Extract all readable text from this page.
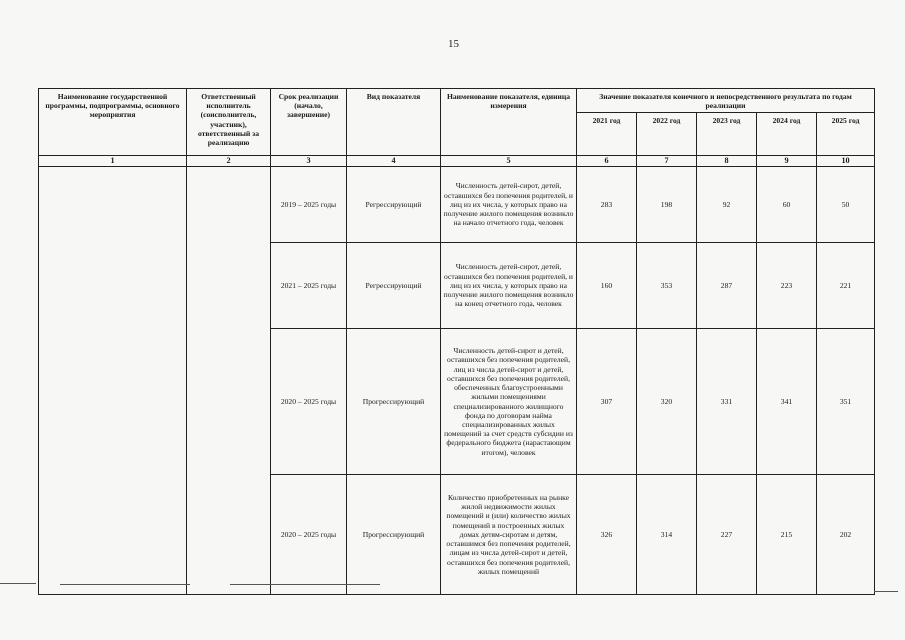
15
Наименование государственной программы, подпрограммы, основного мероприятия	Ответственный исполнитель (соисполнитель, участник), ответственный за реализацию	Срок реализации (начало, завершение)	Вид показателя	Наименование показателя, единица измерения	Значение показателя конечного и непосредственного результата по годам реализации				
					2021 год	2022 год	2023 год	2024 год	2025 год
1	2	3	4	5	6	7	8	9	10
		2019 – 2025 годы	Регрессирующий	Численность детей-сирот, детей, оставшихся без попечения родителей, и лиц из их числа, у которых право на получение жилого помещения возникло на начало отчетного года, человек	283	198	92	60	50
		2021 – 2025 годы	Регрессирующий	Численность детей-сирот, детей, оставшихся без попечения родителей, и лиц из их числа, у которых право на получение жилого помещения возникло на конец отчетного года, человек	160	353	287	223	221
		2020 – 2025 годы	Прогрессирующий	Численность детей-сирот и детей, оставшихся без попечения родителей, лиц из числа детей-сирот и детей, оставшихся без попечения родителей, обеспеченных благоустроенными жилыми помещениями специализированного жилищного фонда по договорам найма специализированных жилых помещений за счет средств субсидии из федерального бюджета (нарастающим итогом), человек	307	320	331	341	351
		2020 – 2025 годы	Прогрессирующий	Количество приобретенных на рынке жилой недвижимости жилых помещений и (или) количество жилых помещений в построенных жилых домах детям-сиротам и детям, оставшимся без попечения родителей, лицам из числа детей-сирот и детей, оставшихся без попечения родителей, жилых помещений	326	314	227	215	202
